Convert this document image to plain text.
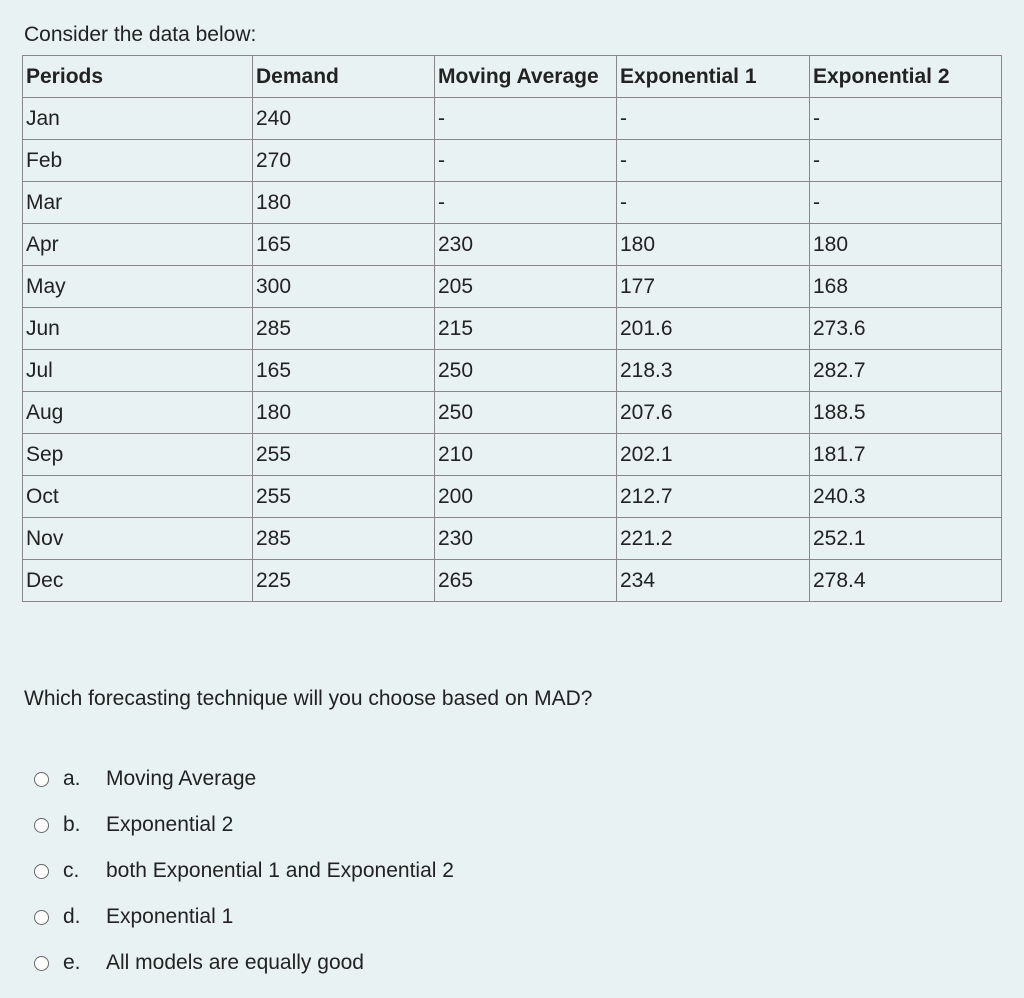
Consider the data below:
Periods	Demand	Moving Average	Exponential 1	Exponential 2
Jan	240	-	-	-
Feb	270	-	-	-
Mar	180	-	-	-
Apr	165	230	180	180
May	300	205	177	168
Jun	285	215	201.6	273.6
Jul	165	250	218.3	282.7
Aug	180	250	207.6	188.5
Sep	255	210	202.1	181.7
Oct	255	200	212.7	240.3
Nov	285	230	221.2	252.1
Dec	225	265	234	278.4
Which forecasting technique will you choose based on MAD?
a.	Moving Average
b.	Exponential 2
c.	both Exponential 1 and Exponential 2
d.	Exponential 1
e.	All models are equally good
